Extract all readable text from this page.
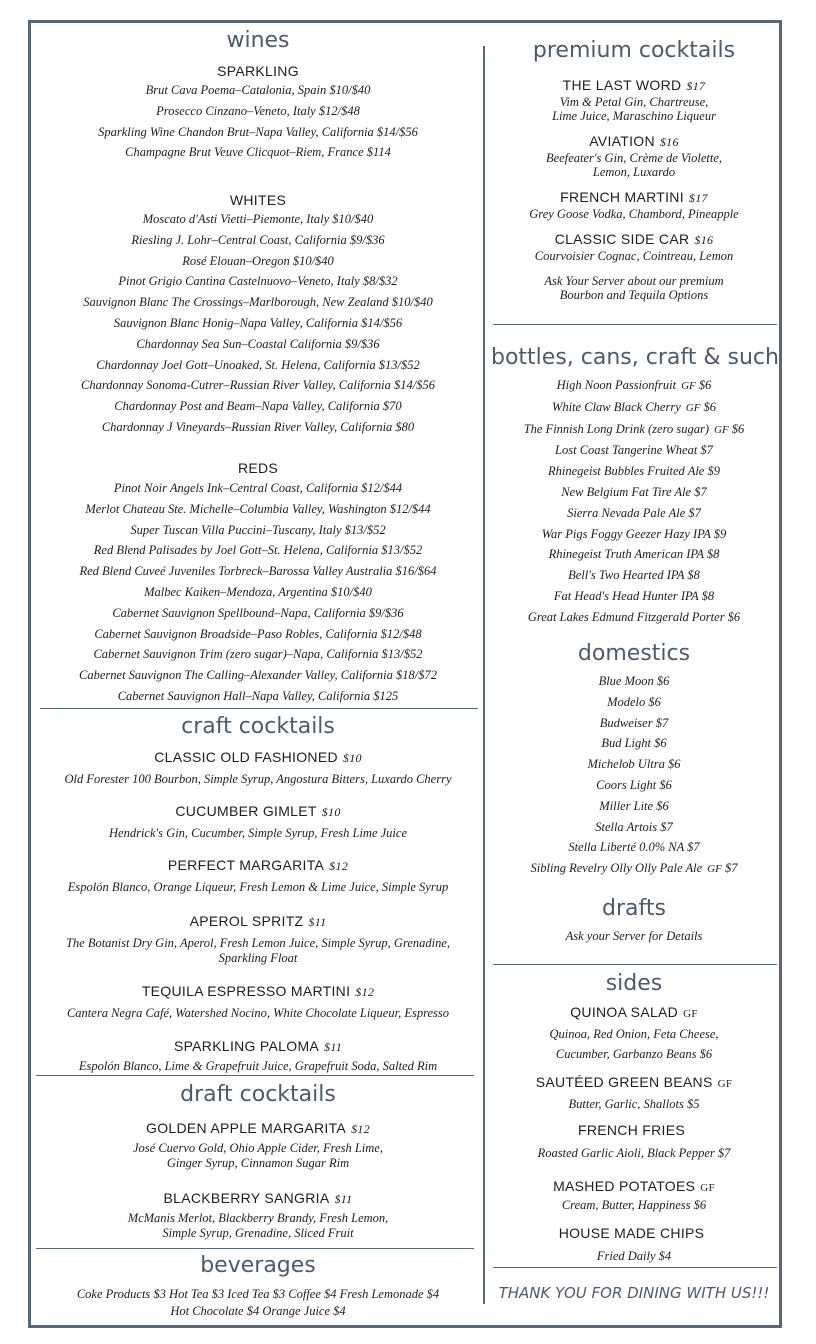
wines
SPARKLING
Brut Cava Poema–Catalonia, Spain $10/$40
Prosecco Cinzano–Veneto, Italy $12/$48
Sparkling Wine Chandon Brut–Napa Valley, California $14/$56
Champagne Brut Veuve Clicquot–Riem, France $114
WHITES
Moscato d'Asti Vietti–Piemonte, Italy $10/$40
Riesling J. Lohr–Central Coast, California $9/$36
Rosé Elouan–Oregon $10/$40
Pinot Grigio Cantina Castelnuovo–Veneto, Italy $8/$32
Sauvignon Blanc The Crossings–Marlborough, New Zealand $10/$40
Sauvignon Blanc Honig–Napa Valley, California $14/$56
Chardonnay Sea Sun–Coastal California $9/$36
Chardonnay Joel Gott–Unoaked, St. Helena, California $13/$52
Chardonnay Sonoma-Cutrer–Russian River Valley, California $14/$56
Chardonnay Post and Beam–Napa Valley, California $70
Chardonnay J Vineyards–Russian River Valley, California $80
REDS
Pinot Noir Angels Ink–Central Coast, California $12/$44
Merlot Chateau Ste. Michelle–Columbia Valley, Washington $12/$44
Super Tuscan Villa Puccini–Tuscany, Italy $13/$52
Red Blend Palisades by Joel Gott–St. Helena, California $13/$52
Red Blend Cuveé Juveniles Torbreck–Barossa Valley Australia $16/$64
Malbec Kaiken–Mendoza, Argentina $10/$40
Cabernet Sauvignon Spellbound–Napa, California $9/$36
Cabernet Sauvignon Broadside–Paso Robles, California $12/$48
Cabernet Sauvignon Trim (zero sugar)–Napa, California $13/$52
Cabernet Sauvignon The Calling–Alexander Valley, California $18/$72
Cabernet Sauvignon Hall–Napa Valley, California $125
craft cocktails
CLASSIC OLD FASHIONED $10
Old Forester 100 Bourbon, Simple Syrup, Angostura Bitters, Luxardo Cherry
CUCUMBER GIMLET $10
Hendrick's Gin, Cucumber, Simple Syrup, Fresh Lime Juice
PERFECT MARGARITA $12
Espolón Blanco, Orange Liqueur, Fresh Lemon & Lime Juice, Simple Syrup
APEROL SPRITZ $11
The Botanist Dry Gin, Aperol, Fresh Lemon Juice, Simple Syrup, Grenadine,
Sparkling Float
TEQUILA ESPRESSO MARTINI $12
Cantera Negra Café, Watershed Nocino, White Chocolate Liqueur, Espresso
SPARKLING PALOMA $11
Espolón Blanco, Lime & Grapefruit Juice, Grapefruit Soda, Salted Rim
draft cocktails
GOLDEN APPLE MARGARITA $12
José Cuervo Gold, Ohio Apple Cider, Fresh Lime,
Ginger Syrup, Cinnamon Sugar Rim
BLACKBERRY SANGRIA $11
McManis Merlot, Blackberry Brandy, Fresh Lemon,
Simple Syrup, Grenadine, Sliced Fruit
beverages
Coke Products $3 Hot Tea $3 Iced Tea $3 Coffee $4 Fresh Lemonade $4
Hot Chocolate $4 Orange Juice $4
premium cocktails
THE LAST WORD $17
Vim & Petal Gin, Chartreuse,
Lime Juice, Maraschino Liqueur
AVIATION $16
Beefeater's Gin, Crème de Violette,
Lemon, Luxardo
FRENCH MARTINI $17
Grey Goose Vodka, Chambord, Pineapple
CLASSIC SIDE CAR $16
Courvoisier Cognac, Cointreau, Lemon
Ask Your Server about our premium
Bourbon and Tequila Options
bottles, cans, craft & such
High Noon Passionfruit GF $6
White Claw Black Cherry GF $6
The Finnish Long Drink (zero sugar) GF $6
Lost Coast Tangerine Wheat $7
Rhinegeist Bubbles Fruited Ale $9
New Belgium Fat Tire Ale $7
Sierra Nevada Pale Ale $7
War Pigs Foggy Geezer Hazy IPA $9
Rhinegeist Truth American IPA $8
Bell's Two Hearted IPA $8
Fat Head's Head Hunter IPA $8
Great Lakes Edmund Fitzgerald Porter $6
domestics
Blue Moon $6
Modelo $6
Budweiser $7
Bud Light $6
Michelob Ultra $6
Coors Light $6
Miller Lite $6
Stella Artois $7
Stella Liberté 0.0% NA $7
Sibling Revelry Olly Olly Pale Ale GF $7
drafts
Ask your Server for Details
sides
QUINOA SALAD GF
Quinoa, Red Onion, Feta Cheese,
Cucumber, Garbanzo Beans $6
SAUTÉED GREEN BEANS GF
Butter, Garlic, Shallots $5
FRENCH FRIES
Roasted Garlic Aioli, Black Pepper $7
MASHED POTATOES GF
Cream, Butter, Happiness $6
HOUSE MADE CHIPS
Fried Daily $4
THANK YOU FOR DINING WITH US!!!
